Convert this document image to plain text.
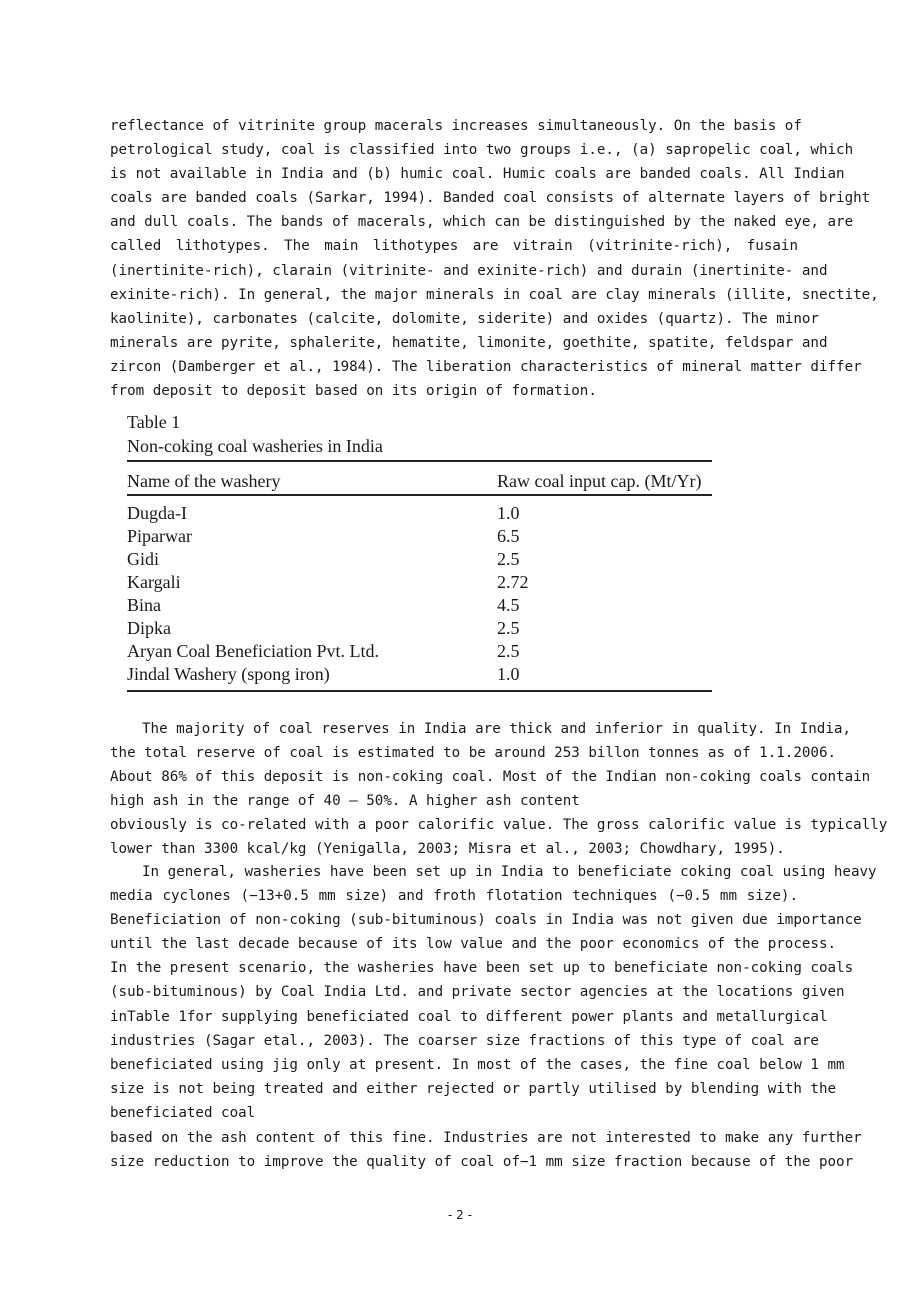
reflectance of vitrinite group macerals increases simultaneously. On the basis of
petrological study, coal is classified into two groups i.e., (a) sapropelic coal, which
is not available in India and (b) humic coal. Humic coals are banded coals. All Indian
coals are banded coals (Sarkar, 1994). Banded coal consists of alternate layers of bright
and dull coals. The bands of macerals, which can be distinguished by the naked eye, are
called lithotypes. The main lithotypes are vitrain (vitrinite-rich), fusain
(inertinite-rich), clarain (vitrinite- and exinite-rich) and durain (inertinite- and
exinite-rich). In general, the major minerals in coal are clay minerals (illite, snectite,
kaolinite), carbonates (calcite, dolomite, siderite) and oxides (quartz). The minor
minerals are pyrite, sphalerite, hematite, limonite, goethite, spatite, feldspar and
zircon (Damberger et al., 1984). The liberation characteristics of mineral matter differ
from deposit to deposit based on its origin of formation.
Table 1
Non-coking coal washeries in India
Name of the washery	Raw coal input cap. (Mt/Yr)
Dugda-I	1.0
Piparwar	6.5
Gidi	2.5
Kargali	2.72
Bina	4.5
Dipka	2.5
Aryan Coal Beneficiation Pvt. Ltd.	2.5
Jindal Washery (spong iron)	1.0
The majority of coal reserves in India are thick and inferior in quality. In India,
the total reserve of coal is estimated to be around 253 billon tonnes as of 1.1.2006.
About 86% of this deposit is non-coking coal. Most of the Indian non-coking coals contain
high ash in the range of 40 – 50%. A higher ash content
obviously is co-related with a poor calorific value. The gross calorific value is typically
lower than 3300 kcal/kg (Yenigalla, 2003; Misra et al., 2003; Chowdhary, 1995).
In general, washeries have been set up in India to beneficiate coking coal using heavy
media cyclones (−13+0.5 mm size) and froth flotation techniques (−0.5 mm size).
Beneficiation of non-coking (sub-bituminous) coals in India was not given due importance
until the last decade because of its low value and the poor economics of the process.
In the present scenario, the washeries have been set up to beneficiate non-coking coals
(sub-bituminous) by Coal India Ltd. and private sector agencies at the locations given
inTable 1for supplying beneficiated coal to different power plants and metallurgical
industries (Sagar etal., 2003). The coarser size fractions of this type of coal are
beneficiated using jig only at present. In most of the cases, the fine coal below 1 mm
size is not being treated and either rejected or partly utilised by blending with the
beneficiated coal
based on the ash content of this fine. Industries are not interested to make any further
size reduction to improve the quality of coal of−1 mm size fraction because of the poor
- 2 -
